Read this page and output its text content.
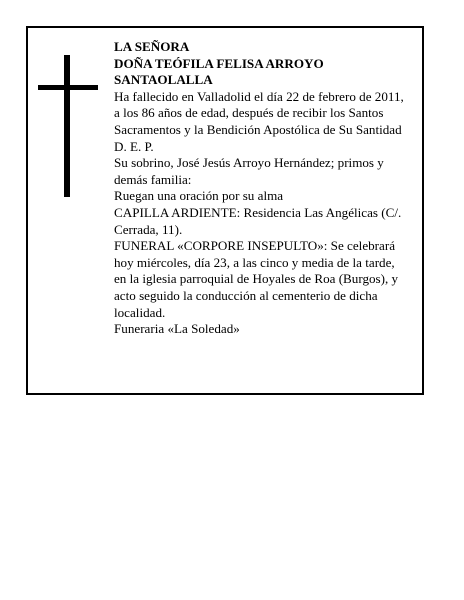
LA SEÑORA
DOÑA TEÓFILA FELISA ARROYO
SANTAOLALLA
Ha fallecido en Valladolid el día 22 de febrero de 2011,
a los 86 años de edad, después de recibir los Santos
Sacramentos y la Bendición Apostólica de Su Santidad
D. E. P.
Su sobrino, José Jesús Arroyo Hernández; primos y
demás familia:
Ruegan una oración por su alma
CAPILLA ARDIENTE: Residencia Las Angélicas (C/.
Cerrada, 11).
FUNERAL «CORPORE INSEPULTO»: Se celebrará
hoy miércoles, día 23, a las cinco y media de la tarde,
en la iglesia parroquial de Hoyales de Roa (Burgos), y
acto seguido la conducción al cementerio de dicha
localidad.
Funeraria «La Soledad»
